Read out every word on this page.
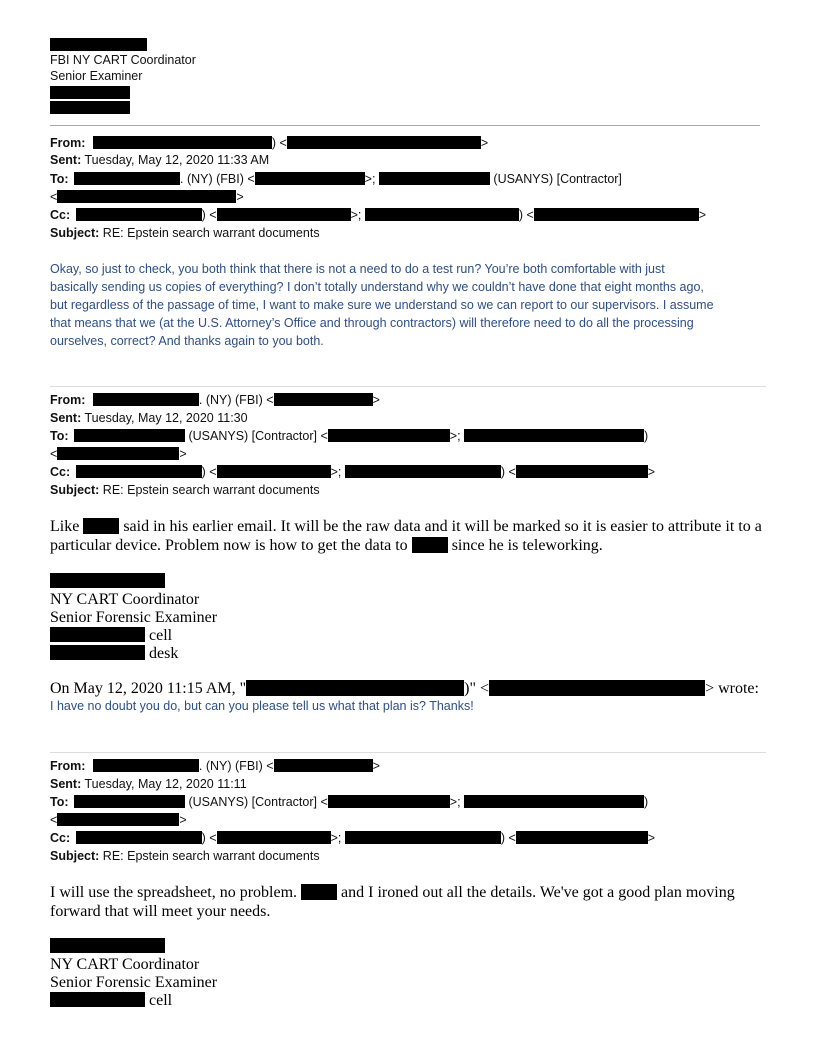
FBI NY CART Coordinator
Senior Examiner
From:	) <	>
Sent: Tuesday, May 12, 2020 11:33 AM
To:	. (NY) (FBI) <	>;	(USANYS) [Contractor]
<	>
Cc:	) <	>;	) <	>
Subject: RE: Epstein search warrant documents
Okay, so just to check, you both think that there is not a need to do a test run? You’re both comfortable with just
basically sending us copies of everything? I don’t totally understand why we couldn’t have done that eight months ago,
but regardless of the passage of time, I want to make sure we understand so we can report to our supervisors. I assume
that means that we (at the U.S. Attorney’s Office and through contractors) will therefore need to do all the processing
ourselves, correct? And thanks again to you both.
From:	. (NY) (FBI) <	>
Sent: Tuesday, May 12, 2020 11:30
To:	(USANYS) [Contractor] <	>;	)
<	>
Cc:	) <	>;	) <	>
Subject: RE: Epstein search warrant documents
Like	said in his earlier email. It will be the raw data and it will be marked so it is easier to attribute it to a
particular device. Problem now is how to get the data to	since he is teleworking.
NY CART Coordinator
Senior Forensic Examiner
cell
desk
On May 12, 2020 11:15 AM, "	)" <	> wrote:
I have no doubt you do, but can you please tell us what that plan is? Thanks!
From:	. (NY) (FBI) <	>
Sent: Tuesday, May 12, 2020 11:11
To:	(USANYS) [Contractor] <	>;	)
<	>
Cc:	) <	>;	) <	>
Subject: RE: Epstein search warrant documents
I will use the spreadsheet, no problem.	and I ironed out all the details. We've got a good plan moving
forward that will meet your needs.
NY CART Coordinator
Senior Forensic Examiner
cell
